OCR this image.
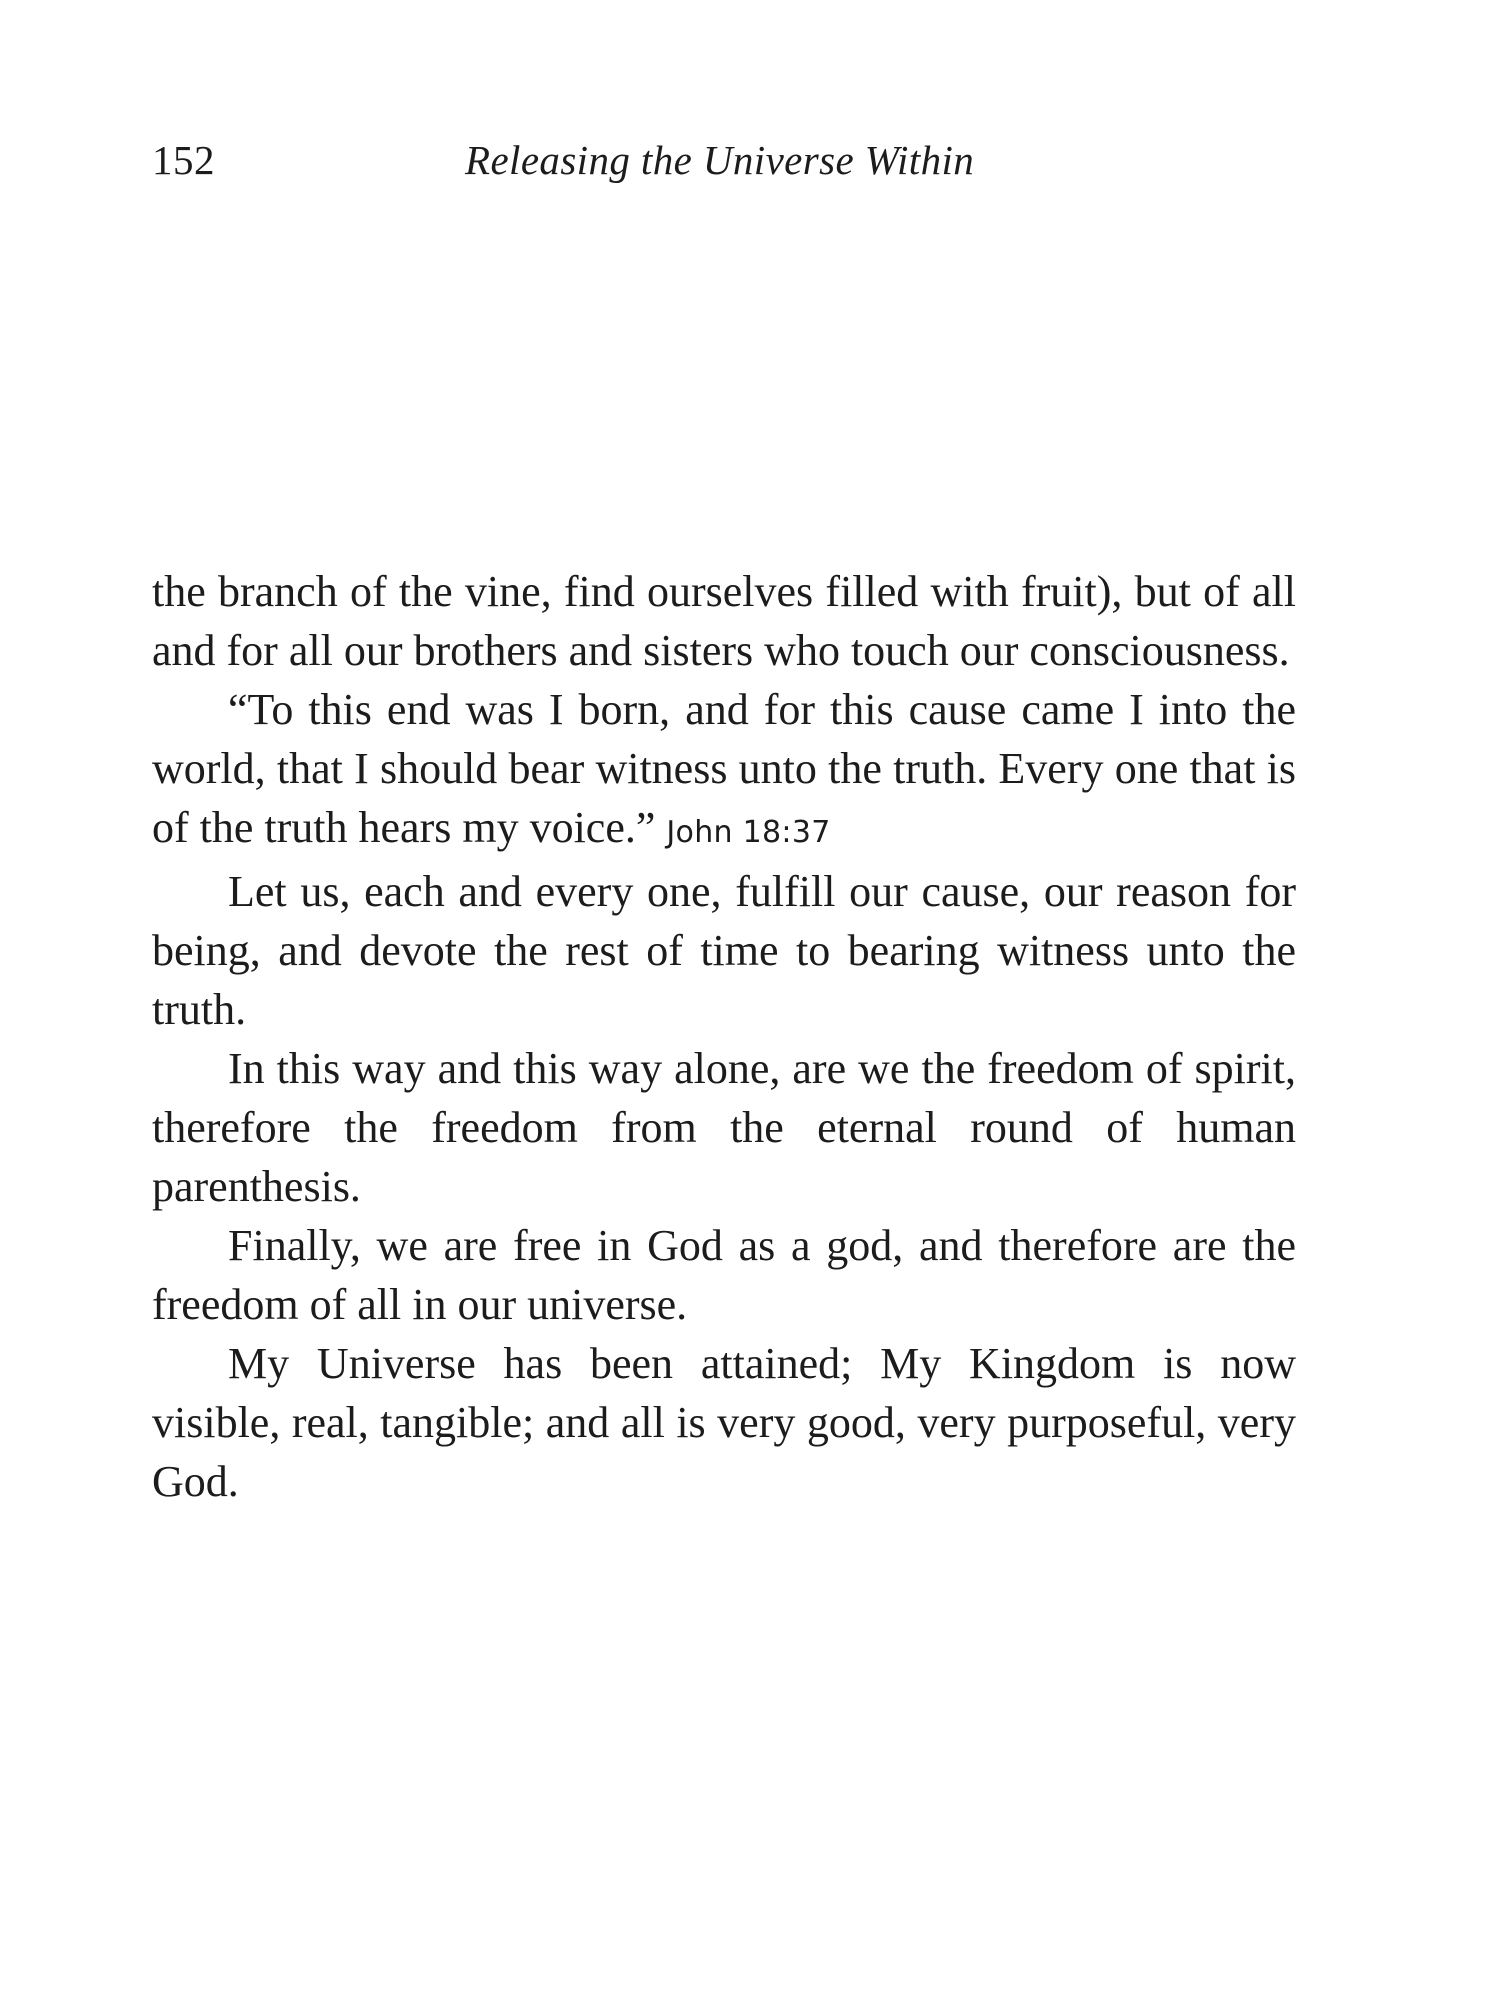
152	Releasing the Universe Within

the branch of the vine, find ourselves filled with fruit), but of all and for all our brothers and sisters who touch our consciousness.

“To this end was I born, and for this cause came I into the world, that I should bear witness unto the truth. Every one that is of the truth hears my voice.” John 18:37

Let us, each and every one, fulfill our cause, our reason for being, and devote the rest of time to bearing witness unto the truth.

In this way and this way alone, are we the freedom of spirit, therefore the freedom from the eternal round of human parenthesis.

Finally, we are free in God as a god, and therefore are the freedom of all in our universe.

My Universe has been attained; My Kingdom is now visible, real, tangible; and all is very good, very purposeful, very God.
